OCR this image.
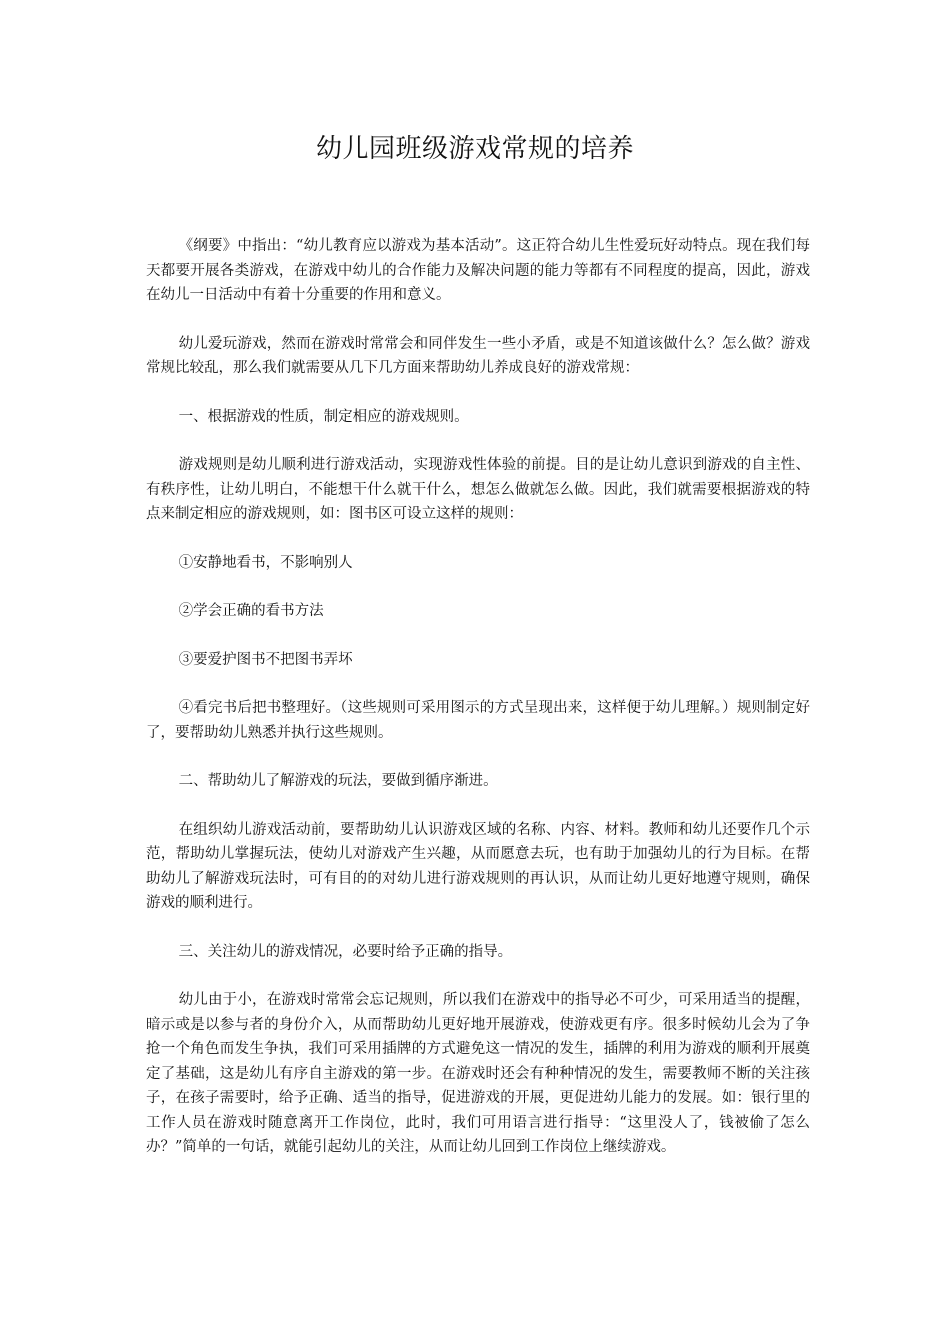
幼儿园班级游戏常规的培养

《纲要》中指出：“幼儿教育应以游戏为基本活动”。这正符合幼儿生性爱玩好动特点。现在我们每天都要开展各类游戏，在游戏中幼儿的合作能力及解决问题的能力等都有不同程度的提高，因此，游戏在幼儿一日活动中有着十分重要的作用和意义。

幼儿爱玩游戏，然而在游戏时常常会和同伴发生一些小矛盾，或是不知道该做什么？怎么做？游戏常规比较乱，那么我们就需要从几下几方面来帮助幼儿养成良好的游戏常规：

一、根据游戏的性质，制定相应的游戏规则。

游戏规则是幼儿顺利进行游戏活动，实现游戏性体验的前提。目的是让幼儿意识到游戏的自主性、有秩序性，让幼儿明白，不能想干什么就干什么，想怎么做就怎么做。因此，我们就需要根据游戏的特点来制定相应的游戏规则，如：图书区可设立这样的规则：

①安静地看书，不影响别人

②学会正确的看书方法

③要爱护图书不把图书弄坏

④看完书后把书整理好。（这些规则可采用图示的方式呈现出来，这样便于幼儿理解。）规则制定好了，要帮助幼儿熟悉并执行这些规则。

二、帮助幼儿了解游戏的玩法，要做到循序渐进。

在组织幼儿游戏活动前，要帮助幼儿认识游戏区域的名称、内容、材料。教师和幼儿还要作几个示范，帮助幼儿掌握玩法，使幼儿对游戏产生兴趣，从而愿意去玩，也有助于加强幼儿的行为目标。在帮助幼儿了解游戏玩法时，可有目的的对幼儿进行游戏规则的再认识，从而让幼儿更好地遵守规则，确保游戏的顺利进行。

三、关注幼儿的游戏情况，必要时给予正确的指导。

幼儿由于小，在游戏时常常会忘记规则，所以我们在游戏中的指导必不可少，可采用适当的提醒，暗示或是以参与者的身份介入，从而帮助幼儿更好地开展游戏，使游戏更有序。很多时候幼儿会为了争抢一个角色而发生争执，我们可采用插牌的方式避免这一情况的发生，插牌的利用为游戏的顺利开展奠定了基础，这是幼儿有序自主游戏的第一步。在游戏时还会有种种情况的发生，需要教师不断的关注孩子，在孩子需要时，给予正确、适当的指导，促进游戏的开展，更促进幼儿能力的发展。如：银行里的工作人员在游戏时随意离开工作岗位，此时，我们可用语言进行指导：“这里没人了，钱被偷了怎么办？”简单的一句话，就能引起幼儿的关注，从而让幼儿回到工作岗位上继续游戏。
